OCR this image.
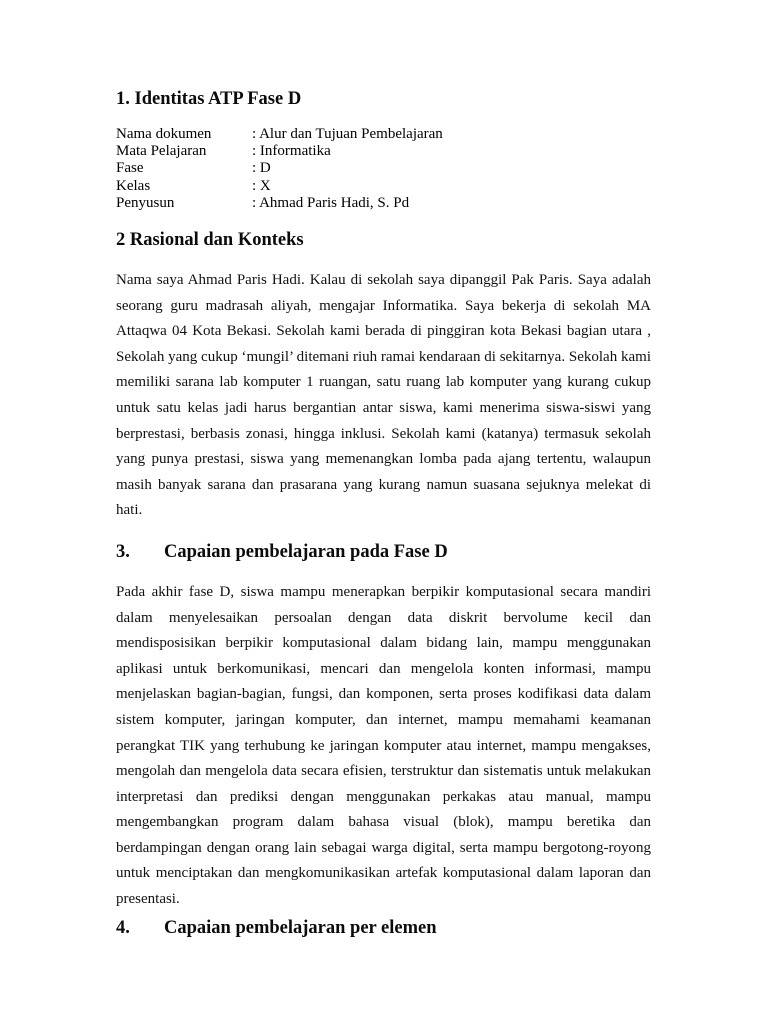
1. Identitas ATP Fase D
Nama dokumen	: Alur dan Tujuan Pembelajaran
Mata Pelajaran	: Informatika
Fase	: D
Kelas	: X
Penyusun	: Ahmad Paris Hadi, S. Pd
2 Rasional dan Konteks

Nama saya Ahmad Paris Hadi. Kalau di sekolah saya dipanggil Pak Paris. Saya adalah seorang guru madrasah aliyah, mengajar Informatika. Saya bekerja di sekolah MA Attaqwa 04 Kota Bekasi. Sekolah kami berada di pinggiran kota Bekasi bagian utara , Sekolah yang cukup ‘mungil’ ditemani riuh ramai kendaraan di sekitarnya. Sekolah kami memiliki sarana lab komputer 1 ruangan, satu ruang lab komputer yang kurang cukup untuk satu kelas jadi harus bergantian antar siswa, kami menerima siswa-siswi yang berprestasi, berbasis zonasi, hingga inklusi. Sekolah kami (katanya) termasuk sekolah yang punya prestasi, siswa yang memenangkan lomba pada ajang tertentu, walaupun masih banyak sarana dan prasarana yang kurang namun suasana sejuknya melekat di hati.

3. Capaian pembelajaran pada Fase D

Pada akhir fase D, siswa mampu menerapkan berpikir komputasional secara mandiri dalam menyelesaikan persoalan dengan data diskrit bervolume kecil dan mendisposisikan berpikir komputasional dalam bidang lain, mampu menggunakan aplikasi untuk berkomunikasi, mencari dan mengelola konten informasi, mampu menjelaskan bagian-bagian, fungsi, dan komponen, serta proses kodifikasi data dalam sistem komputer, jaringan komputer, dan internet, mampu memahami keamanan perangkat TIK yang terhubung ke jaringan komputer atau internet, mampu mengakses, mengolah dan mengelola data secara efisien, terstruktur dan sistematis untuk melakukan interpretasi dan prediksi dengan menggunakan perkakas atau manual, mampu mengembangkan program dalam bahasa visual (blok), mampu beretika dan berdampingan dengan orang lain sebagai warga digital, serta mampu bergotong-royong untuk menciptakan dan mengkomunikasikan artefak komputasional dalam laporan dan presentasi.

4. Capaian pembelajaran per elemen
